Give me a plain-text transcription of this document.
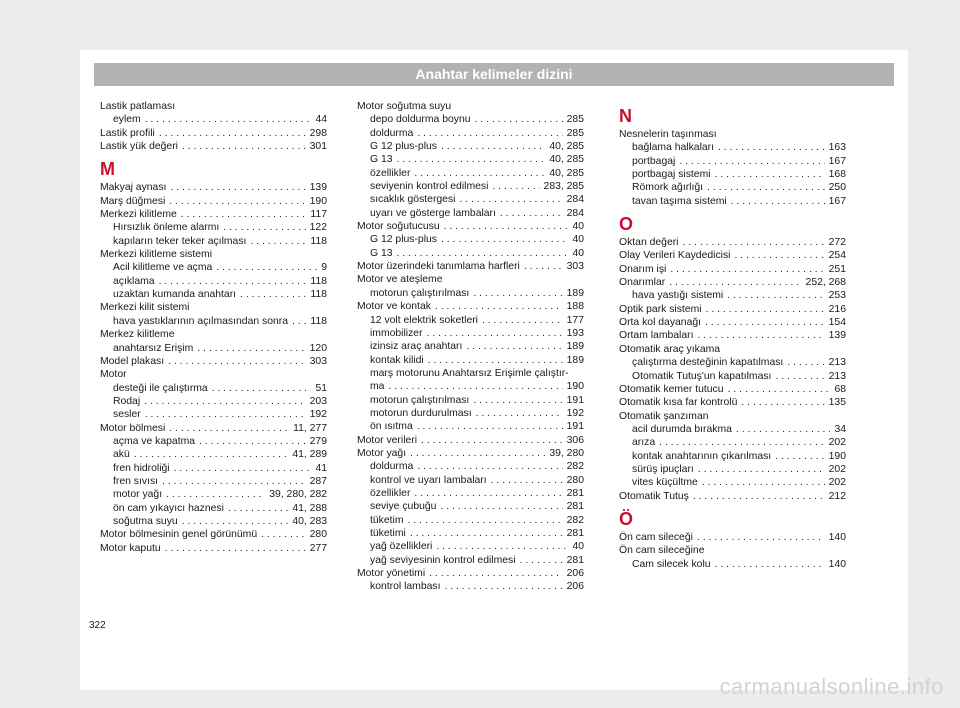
Anahtar kelimeler dizini
Lastik patlaması
eylem . . .	44
Lastik profili . . .	298
Lastik yük değeri . . .	301
M
Makyaj aynası . . .	139
Marş düğmesi . . .	190
Merkezi kilitleme . . .	117
Hırsızlık önleme alarmı . . .	122
kapıların teker teker açılması . . .	118
Merkezi kilitleme sistemi
Acil kilitleme ve açma . . .	9
açıklama . . .	118
uzaktan kumanda anahtarı . . .	118
Merkezi kilit sistemi
hava yastıklarının açılmasından sonra . . . 118
Merkez kilitleme
anahtarsız Erişim . . .	120
Model plakası . . .	303
Motor
desteği ile çalıştırma . . .	51
Rodaj . . .	203
sesler . . .	192
Motor bölmesi . . .	11, 277
açma ve kapatma . . .	279
akü . . .	41, 289
fren hidroliği . . .	41
fren sıvısı . . .	287
motor yağı . . .	39, 280, 282
ön cam yıkayıcı haznesi . . .	41, 288
soğutma suyu . . .	40, 283
Motor bölmesinin genel görünümü . . .	280
Motor kaputu . . .	277
Motor soğutma suyu
depo doldurma boynu . . .	285
doldurma . . .	285
G 12 plus-plus . . .	40, 285
G 13 . . .	40, 285
özellikler . . .	40, 285
seviyenin kontrol edilmesi . . .	283, 285
sıcaklık göstergesi . . .	284
uyarı ve gösterge lambaları . . .	284
Motor soğutucusu . . .	40
G 12 plus-plus . . .	40
G 13 . . .	40
Motor üzerindeki tanımlama harfleri . . .	303
Motor ve ateşleme
motorun çalıştırılması . . .	189
Motor ve kontak . . .	188
12 volt elektrik soketleri . . .	177
immobilizer . . .	193
izinsiz araç anahtarı . . .	189
kontak kilidi . . .	189
marş motorunu Anahtarsız Erişimle çalıştır-
ma . . .	190
motorun çalıştırılması . . .	191
motorun durdurulması . . .	192
ön ısıtma . . .	191
Motor verileri . . .	306
Motor yağı . . .	39, 280
doldurma . . .	282
kontrol ve uyarı lambaları . . .	280
özellikler . . .	281
seviye çubuğu . . .	281
tüketim . . .	282
tüketimi . . .	281
yağ özellikleri . . .	40
yağ seviyesinin kontrol edilmesi . . .	281
Motor yönetimi . . .	206
kontrol lambası . . .	206
N
Nesnelerin taşınması
bağlama halkaları . . .	163
portbagaj . . .	167
portbagaj sistemi . . .	168
Römork ağırlığı . . .	250
tavan taşıma sistemi . . .	167
O
Oktan değeri . . .	272
Olay Verileri Kaydedicisi . . .	254
Onarım işi . . .	251
Onarımlar . . .	252, 268
hava yastığı sistemi . . .	253
Optik park sistemi . . .	216
Orta kol dayanağı . . .	154
Ortam lambaları . . .	139
Otomatik araç yıkama
çalıştırma desteğinin kapatılması . . .	213
Otomatik Tutuş'un kapatılması . . .	213
Otomatik kemer tutucu . . .	68
Otomatik kısa far kontrolü . . .	135
Otomatik şanzıman
acil durumda bırakma . . .	34
arıza . . .	202
kontak anahtarının çıkarılması . . .	190
sürüş ipuçları . . .	202
vites küçültme . . .	202
Otomatik Tutuş . . .	212
Ö
Ön cam sileceği . . .	140
Ön cam sileceğine
Cam silecek kolu . . .	140
322
carmanualsonline.info
